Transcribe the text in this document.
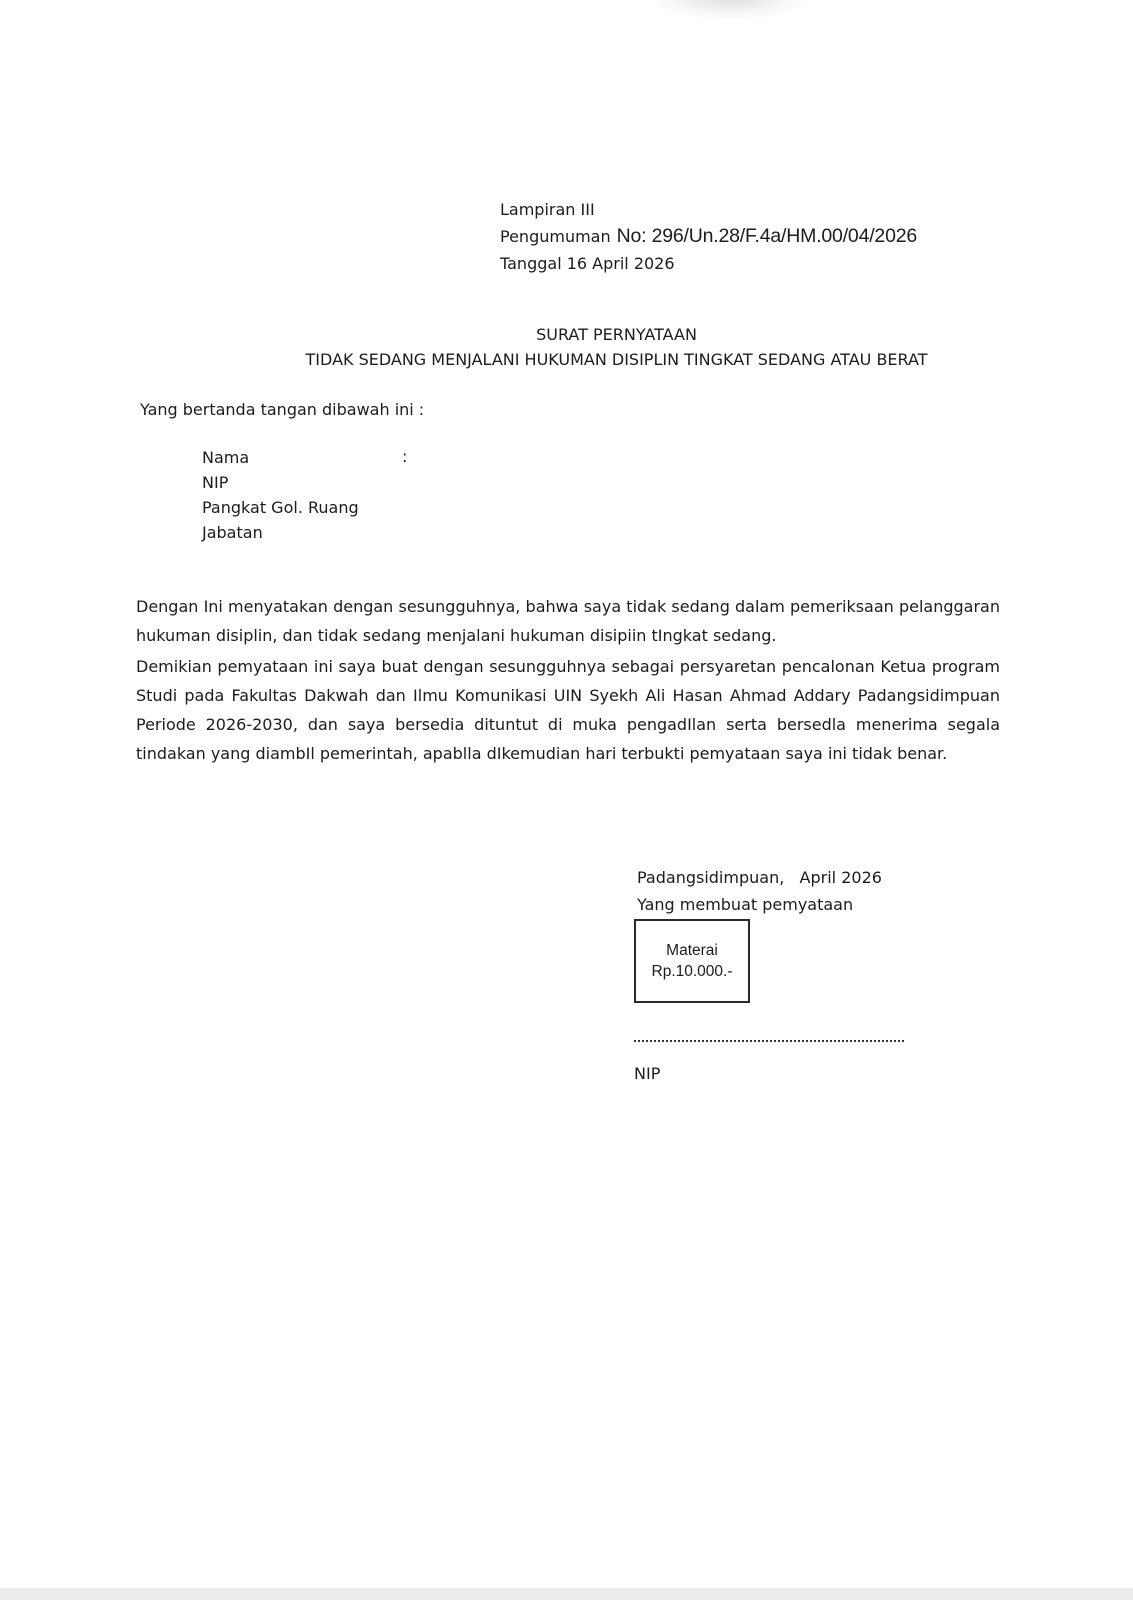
Lampiran III
Pengumuman No: 296/Un.28/F.4a/HM.00/04/2026
Tanggal 16 April 2026
SURAT PERNYATAAN
TIDAK SEDANG MENJALANI HUKUMAN DISIPLIN TINGKAT SEDANG ATAU BERAT
Yang bertanda tangan dibawah ini :
Nama
NIP
Pangkat Gol. Ruang
Jabatan
:
Dengan Ini menyatakan dengan sesungguhnya, bahwa saya tidak sedang dalam pemeriksaan pelanggaran hukuman disiplin, dan tidak sedang menjalani hukuman disipiin tIngkat sedang.
Demikian pemyataan ini saya buat dengan sesungguhnya sebagai persyaretan pencalonan Ketua program Studi pada Fakultas Dakwah dan Ilmu Komunikasi UIN Syekh Ali Hasan Ahmad Addary Padangsidimpuan Periode 2026-2030, dan saya bersedia dituntut di muka pengadIlan serta bersedla menerima segala tindakan yang diambIl pemerintah, apablla dIkemudian hari terbukti pemyataan saya ini tidak benar.
Padangsidimpuan,   April 2026
Yang membuat pemyataan
Materai
Rp.10.000.-
NIP
